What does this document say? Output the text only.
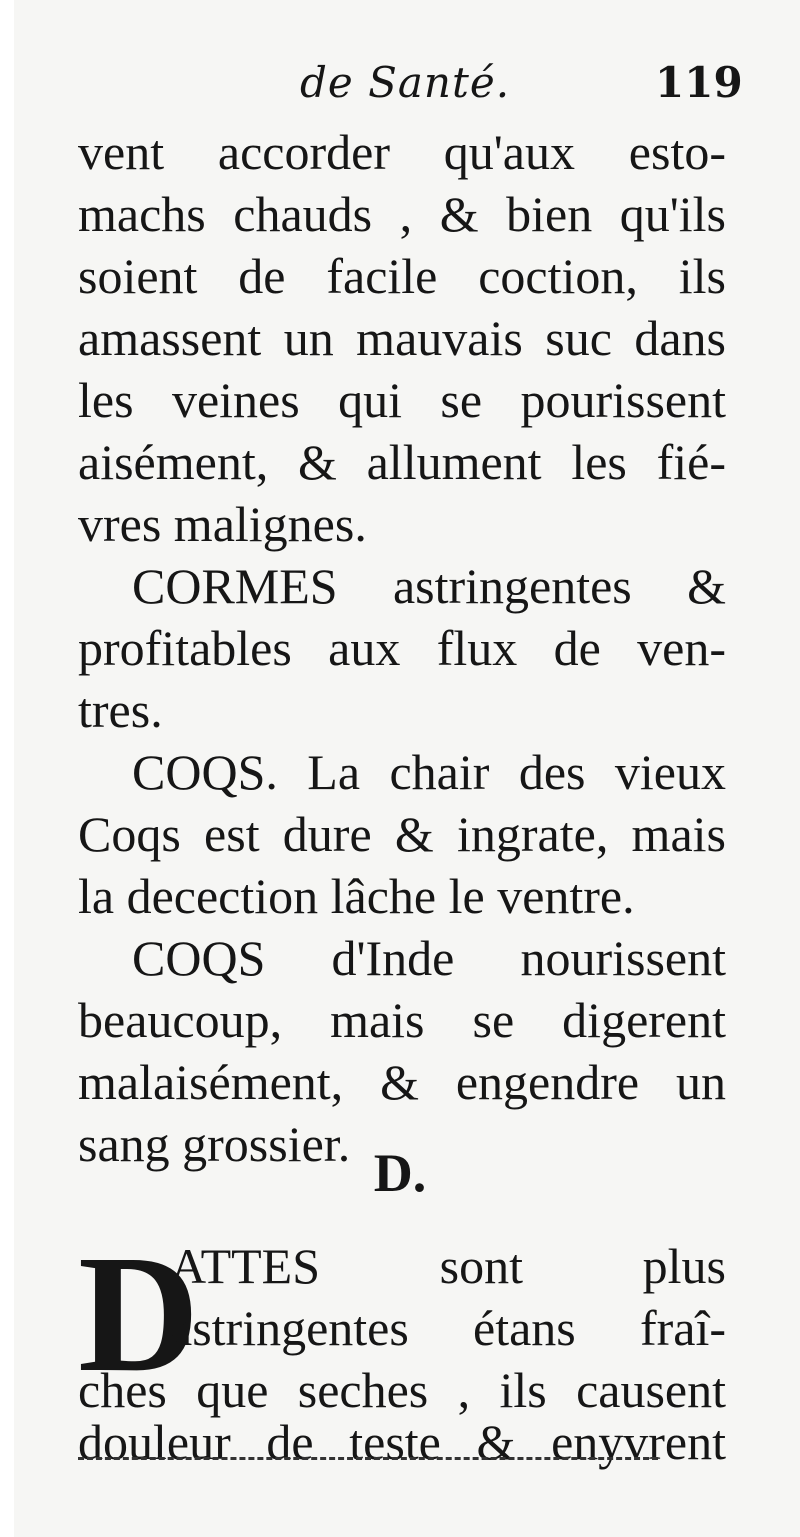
de Santé.	119
vent accorder qu'aux esto-
machs chauds , & bien qu'ils
soient de facile coction, ils
amassent un mauvais suc dans
les veines qui se pourissent
aisément, & allument les fié-
vres malignes.
CORMES astringentes &
profitables aux flux de ven-
tres.
COQS. La chair des vieux
Coqs est dure & ingrate, mais
la decection lâche le ventre.
COQS d'Inde nourissent
beaucoup, mais se digerent
malaisément, & engendre un
sang grossier. D.
D
ATTES sont plus
astringentes étans fraî-
ches que seches , ils causent
douleur de teste & enyvrent
